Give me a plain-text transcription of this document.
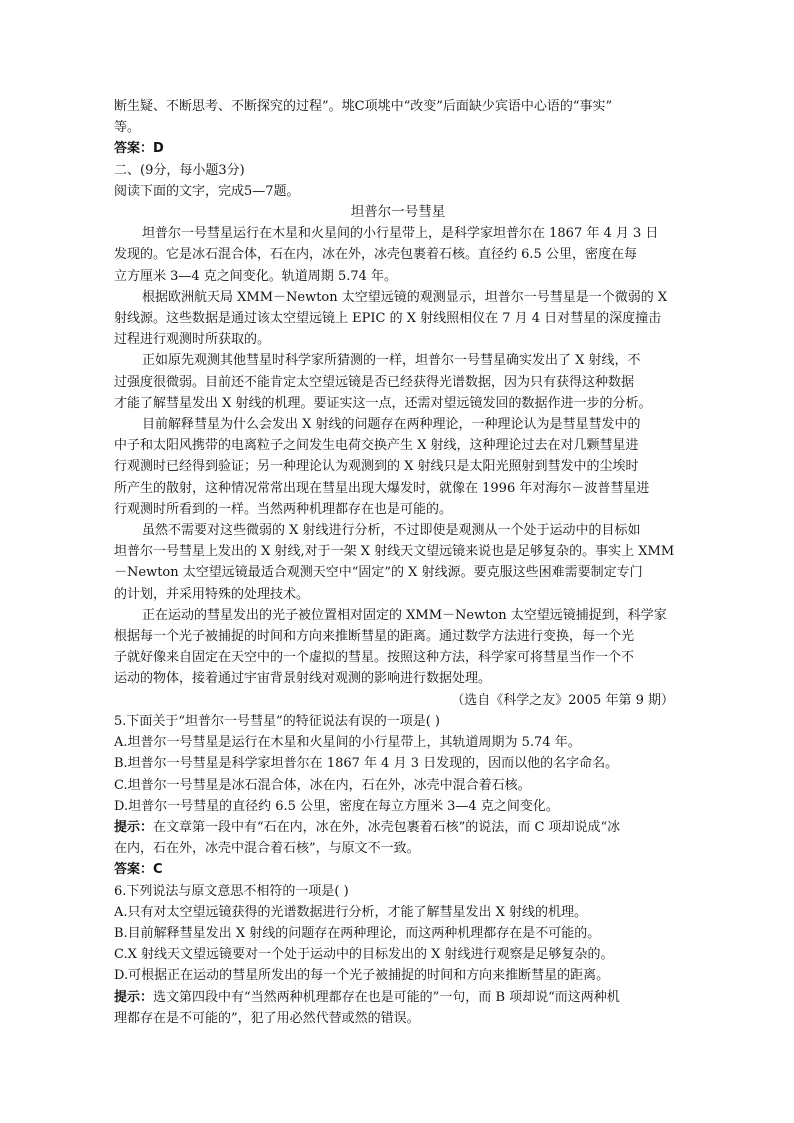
断生疑、不断思考、不断探究的过程”。垗C项垗中“改变”后面缺少宾语中心语的“事实”
等。
答案：D
二、(9分，每小题3分)
阅读下面的文字，完成5—7题。
坦普尔一号彗星
坦普尔一号彗星运行在木星和火星间的小行星带上，是科学家坦普尔在 1867 年 4 月 3 日
发现的。它是冰石混合体，石在内，冰在外，冰壳包裹着石核。直径约 6.5 公里，密度在每
立方厘米 3—4 克之间变化。轨道周期 5.74 年。
根据欧洲航天局 XMM－Newton 太空望远镜的观测显示，坦普尔一号彗星是一个微弱的 X
射线源。这些数据是通过该太空望远镜上 EPIC 的 X 射线照相仪在 7 月 4 日对彗星的深度撞击
过程进行观测时所获取的。
正如原先观测其他彗星时科学家所猜测的一样，坦普尔一号彗星确实发出了 X 射线，不
过强度很微弱。目前还不能肯定太空望远镜是否已经获得光谱数据，因为只有获得这种数据
才能了解彗星发出 X 射线的机理。要证实这一点，还需对望远镜发回的数据作进一步的分析。
目前解释彗星为什么会发出 X 射线的问题存在两种理论，一种理论认为是彗星彗发中的
中子和太阳风携带的电离粒子之间发生电荷交换产生 X 射线，这种理论过去在对几颗彗星进
行观测时已经得到验证；另一种理论认为观测到的 X 射线只是太阳光照射到彗发中的尘埃时
所产生的散射，这种情况常常出现在彗星出现大爆发时，就像在 1996 年对海尔－波普彗星进
行观测时所看到的一样。当然两种机理都存在也是可能的。
虽然不需要对这些微弱的 X 射线进行分析，不过即使是观测从一个处于运动中的目标如
坦普尔一号彗星上发出的 X 射线,对于一架 X 射线天文望远镜来说也是足够复杂的。事实上 XMM
－Newton 太空望远镜最适合观测天空中“固定”的 X 射线源。要克服这些困难需要制定专门
的计划，并采用特殊的处理技术。
正在运动的彗星发出的光子被位置相对固定的 XMM－Newton 太空望远镜捕捉到，科学家
根据每一个光子被捕捉的时间和方向来推断彗星的距离。通过数学方法进行变换，每一个光
子就好像来自固定在天空中的一个虚拟的彗星。按照这种方法，科学家可将彗星当作一个不
运动的物体，接着通过宇宙背景射线对观测的影响进行数据处理。
（选自《科学之友》2005 年第 9 期）
5.下面关于“坦普尔一号彗星”的特征说法有误的一项是( )
A.坦普尔一号彗星是运行在木星和火星间的小行星带上，其轨道周期为 5.74 年。
B.坦普尔一号彗星是科学家坦普尔在 1867 年 4 月 3 日发现的，因而以他的名字命名。
C.坦普尔一号彗星是冰石混合体，冰在内，石在外，冰壳中混合着石核。
D.坦普尔一号彗星的直径约 6.5 公里，密度在每立方厘米 3—4 克之间变化。
提示：在文章第一段中有“石在内，冰在外，冰壳包裹着石核”的说法，而 C 项却说成“冰
在内，石在外，冰壳中混合着石核”，与原文不一致。
答案：C
6.下列说法与原文意思不相符的一项是( )
A.只有对太空望远镜获得的光谱数据进行分析，才能了解彗星发出 X 射线的机理。
B.目前解释彗星发出 X 射线的问题存在两种理论，而这两种机理都存在是不可能的。
C.X 射线天文望远镜要对一个处于运动中的目标发出的 X 射线进行观察是足够复杂的。
D.可根据正在运动的彗星所发出的每一个光子被捕捉的时间和方向来推断彗星的距离。
提示：选文第四段中有“当然两种机理都存在也是可能的”一句，而 B 项却说“而这两种机
理都存在是不可能的”，犯了用必然代替或然的错误。
